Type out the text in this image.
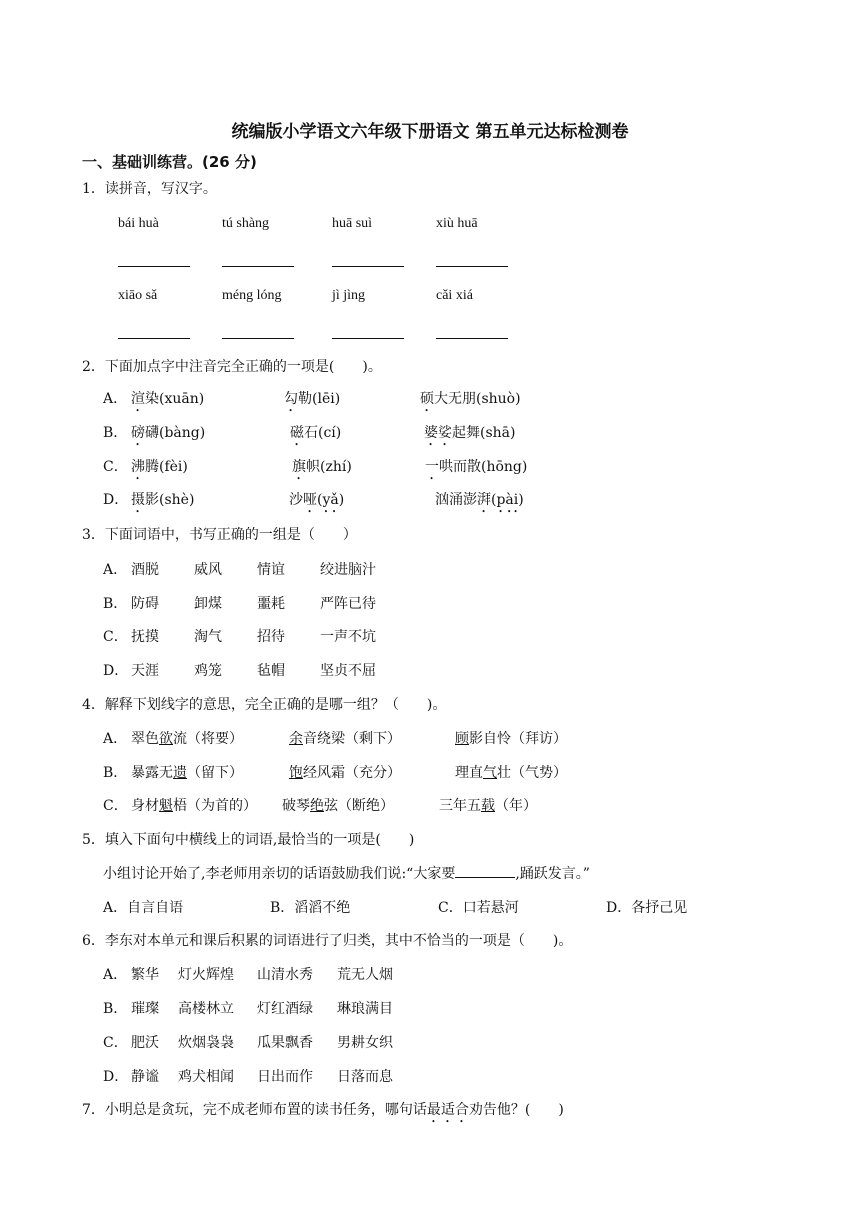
统编版小学语文六年级下册语文 第五单元达标检测卷
一、基础训练营。(26 分)
1．读拼音，写汉字。
bái huà	tú shàng	huā suì	xiù huā
xiāo sǎ	méng lóng	jì jìng	cǎi xiá
2．下面加点字中注音完全正确的一项是(　　)。
A． 渲染(xuān)	勾勒(lēi)	硕大无朋(shuò)
B． 磅礴(bàng)	磁石(cí)	婆娑起舞(shā)
C． 沸腾(fèi)	旗帜(zhí)	一哄而散(hōng)
D． 摄影(shè)	沙哑(yǎ)	汹涌澎湃(pài)
3．下面词语中，书写正确的一组是（　　）
A． 酒脱	威风	情谊	绞进脑汁
B． 防碍	卸煤	噩耗	严阵已待
C． 抚摸	淘气	招待	一声不坑
D． 天涯	鸡笼	毡帽	坚贞不屈
4．解释下划线字的意思，完全正确的是哪一组？（　　)。
A． 翠色欲流（将要）	余音绕梁（剩下）	顾影自怜（拜访）
B． 暴露无遗（留下）	饱经风霜（充分）	理直气壮（气势）
C． 身材魁梧（为首的） 破琴绝弦（断绝）	三年五载（年）
5．填入下面句中横线上的词语,最恰当的一项是(　　)
小组讨论开始了,李老师用亲切的话语鼓励我们说:“大家要	,踊跃发言。”
A．自言自语	B．滔滔不绝	C．口若悬河	D．各抒己见
6．李东对本单元和课后积累的词语进行了归类，其中不恰当的一项是（　　)。
A． 繁华 灯火辉煌 山清水秀 荒无人烟
B． 璀璨 高楼林立 灯红酒绿 琳琅满目
C． 肥沃 炊烟袅袅 瓜果飘香 男耕女织
D． 静谧 鸡犬相闻 日出而作 日落而息
7．小明总是贪玩，完不成老师布置的读书任务，哪句话最适合劝告他？(　　)
